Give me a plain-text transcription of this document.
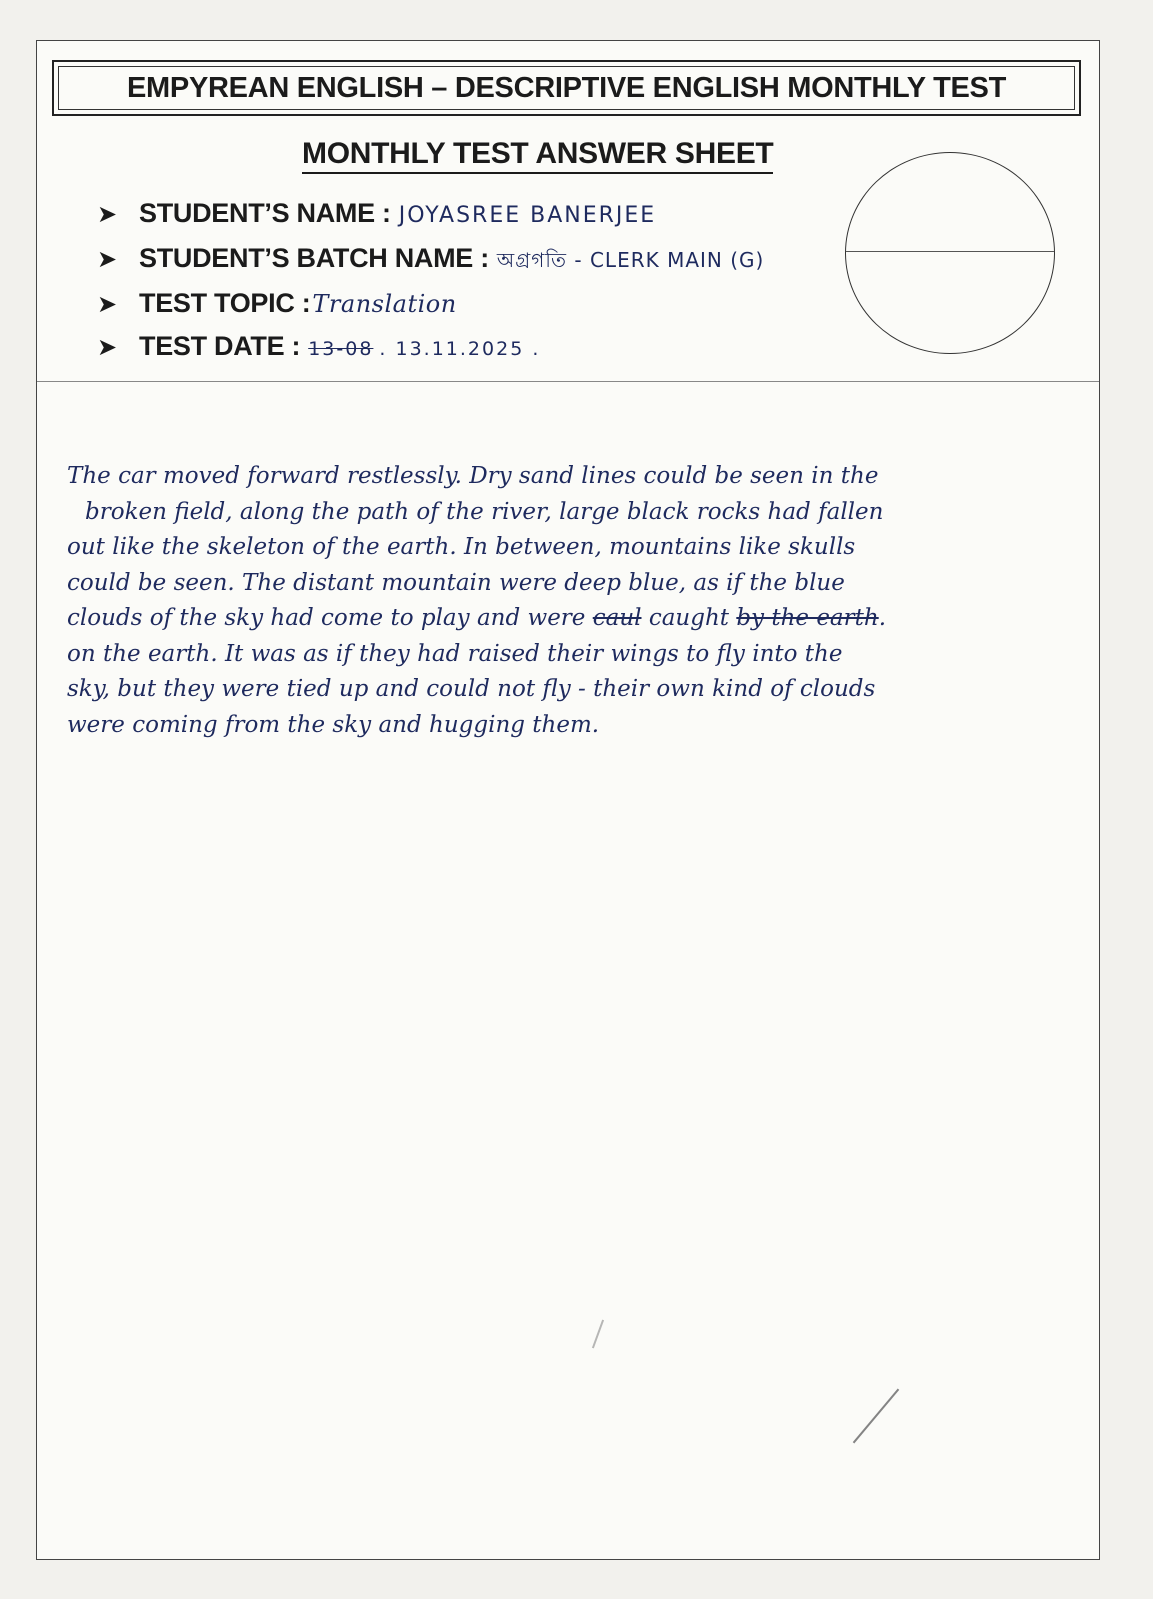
EMPYREAN ENGLISH – DESCRIPTIVE ENGLISH MONTHLY TEST
MONTHLY TEST ANSWER SHEET
➤ STUDENT’S NAME : JOYASREE BANERJEE
➤ STUDENT’S BATCH NAME : অগ্রগতি - CLERK MAIN (G)
➤ TEST TOPIC : Translation
➤ TEST DATE : 13-08 . 13.11.2025 .
The car moved forward restlessly. Dry sand lines could be seen in the
broken field, along the path of the river, large black rocks had fallen
out like the skeleton of the earth. In between, mountains like skulls
could be seen. The distant mountain were deep blue, as if the blue
clouds of the sky had come to play and were caul caught by the earth.
on the earth. It was as if they had raised their wings to fly into the
sky, but they were tied up and could not fly - their own kind of clouds
were coming from the sky and hugging them.
